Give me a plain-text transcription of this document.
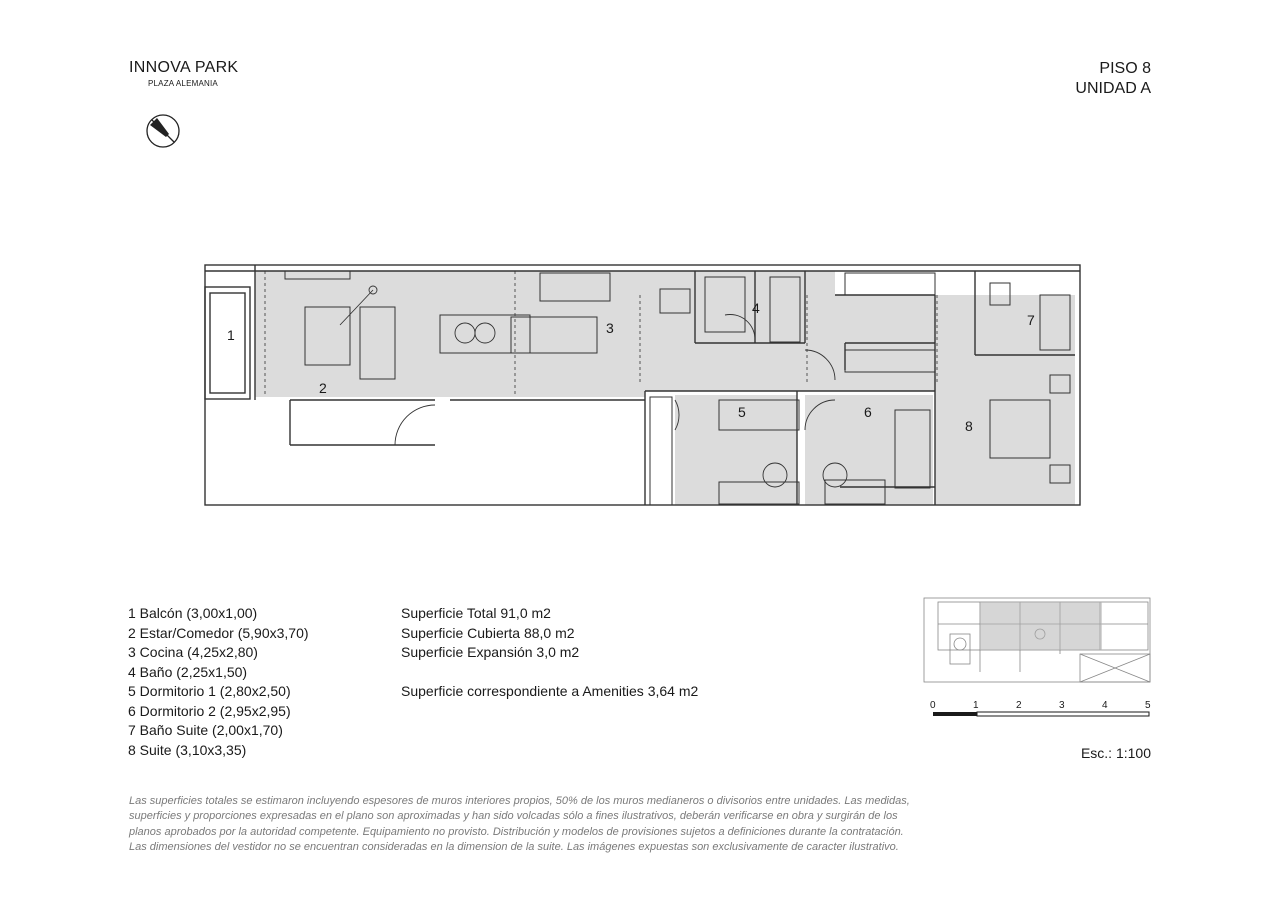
INNOVA PARK
PLAZA ALEMANIA
PISO 8
UNIDAD A
1
2
3
4
5	6
7
8
1 Balcón (3,00x1,00)
2 Estar/Comedor (5,90x3,70)
3 Cocina (4,25x2,80)
4 Baño (2,25x1,50)
5 Dormitorio 1 (2,80x2,50)
6 Dormitorio 2 (2,95x2,95)
7 Baño Suite (2,00x1,70)
8 Suite (3,10x3,35)
Superficie Total 91,0 m2
Superficie Cubierta 88,0 m2
Superficie Expansión 3,0 m2
Superficie correspondiente a Amenities 3,64 m2
0	1	2	3	4	5
Esc.: 1:100
Las superficies totales se estimaron incluyendo espesores de muros interiores propios, 50% de los muros medianeros o divisorios entre unidades. Las medidas,
superficies y proporciones expresadas en el plano son aproximadas y han sido volcadas sólo a fines ilustrativos, deberán verificarse en obra y surgirán de los
planos aprobados por la autoridad competente. Equipamiento no provisto. Distribución y modelos de provisiones sujetos a definiciones durante la contratación.
Las dimensiones del vestidor no se encuentran consideradas en la dimension de la suite. Las imágenes expuestas son exclusivamente de caracter ilustrativo.
